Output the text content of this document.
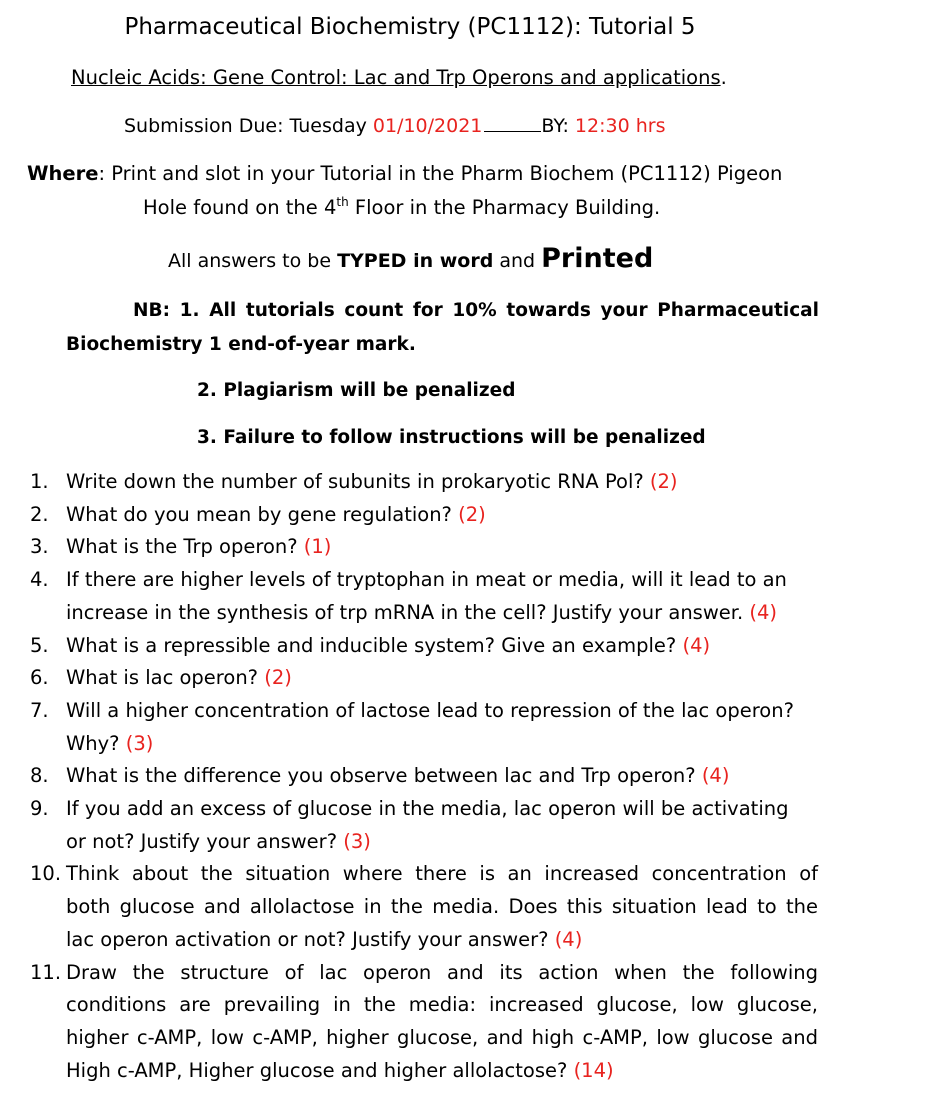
Pharmaceutical Biochemistry (PC1112): Tutorial 5
Nucleic Acids: Gene Control: Lac and Trp Operons and applications.
Submission Due: Tuesday 01/10/2021	BY: 12:30 hrs
Where: Print and slot in your Tutorial in the Pharm Biochem (PC1112) Pigeon
Hole found on the 4th Floor in the Pharmacy Building.
All answers to be TYPED in word and Printed
NB: 1. All tutorials count for 10% towards your Pharmaceutical
Biochemistry 1 end-of-year mark.
2. Plagiarism will be penalized
3. Failure to follow instructions will be penalized
1. Write down the number of subunits in prokaryotic RNA Pol? (2)
2. What do you mean by gene regulation? (2)
3. What is the Trp operon? (1)
4. If there are higher levels of tryptophan in meat or media, will it lead to an
increase in the synthesis of trp mRNA in the cell? Justify your answer. (4)
5. What is a repressible and inducible system? Give an example? (4)
6. What is lac operon? (2)
7. Will a higher concentration of lactose lead to repression of the lac operon?
Why? (3)
8. What is the difference you observe between lac and Trp operon? (4)
9. If you add an excess of glucose in the media, lac operon will be activating
or not? Justify your answer? (3)
10. Think about the situation where there is an increased concentration of
both glucose and allolactose in the media. Does this situation lead to the
lac operon activation or not? Justify your answer? (4)
11. Draw the structure of lac operon and its action when the following
conditions are prevailing in the media: increased glucose, low glucose,
higher c-AMP, low c-AMP, higher glucose, and high c-AMP, low glucose and
High c-AMP, Higher glucose and higher allolactose? (14)
